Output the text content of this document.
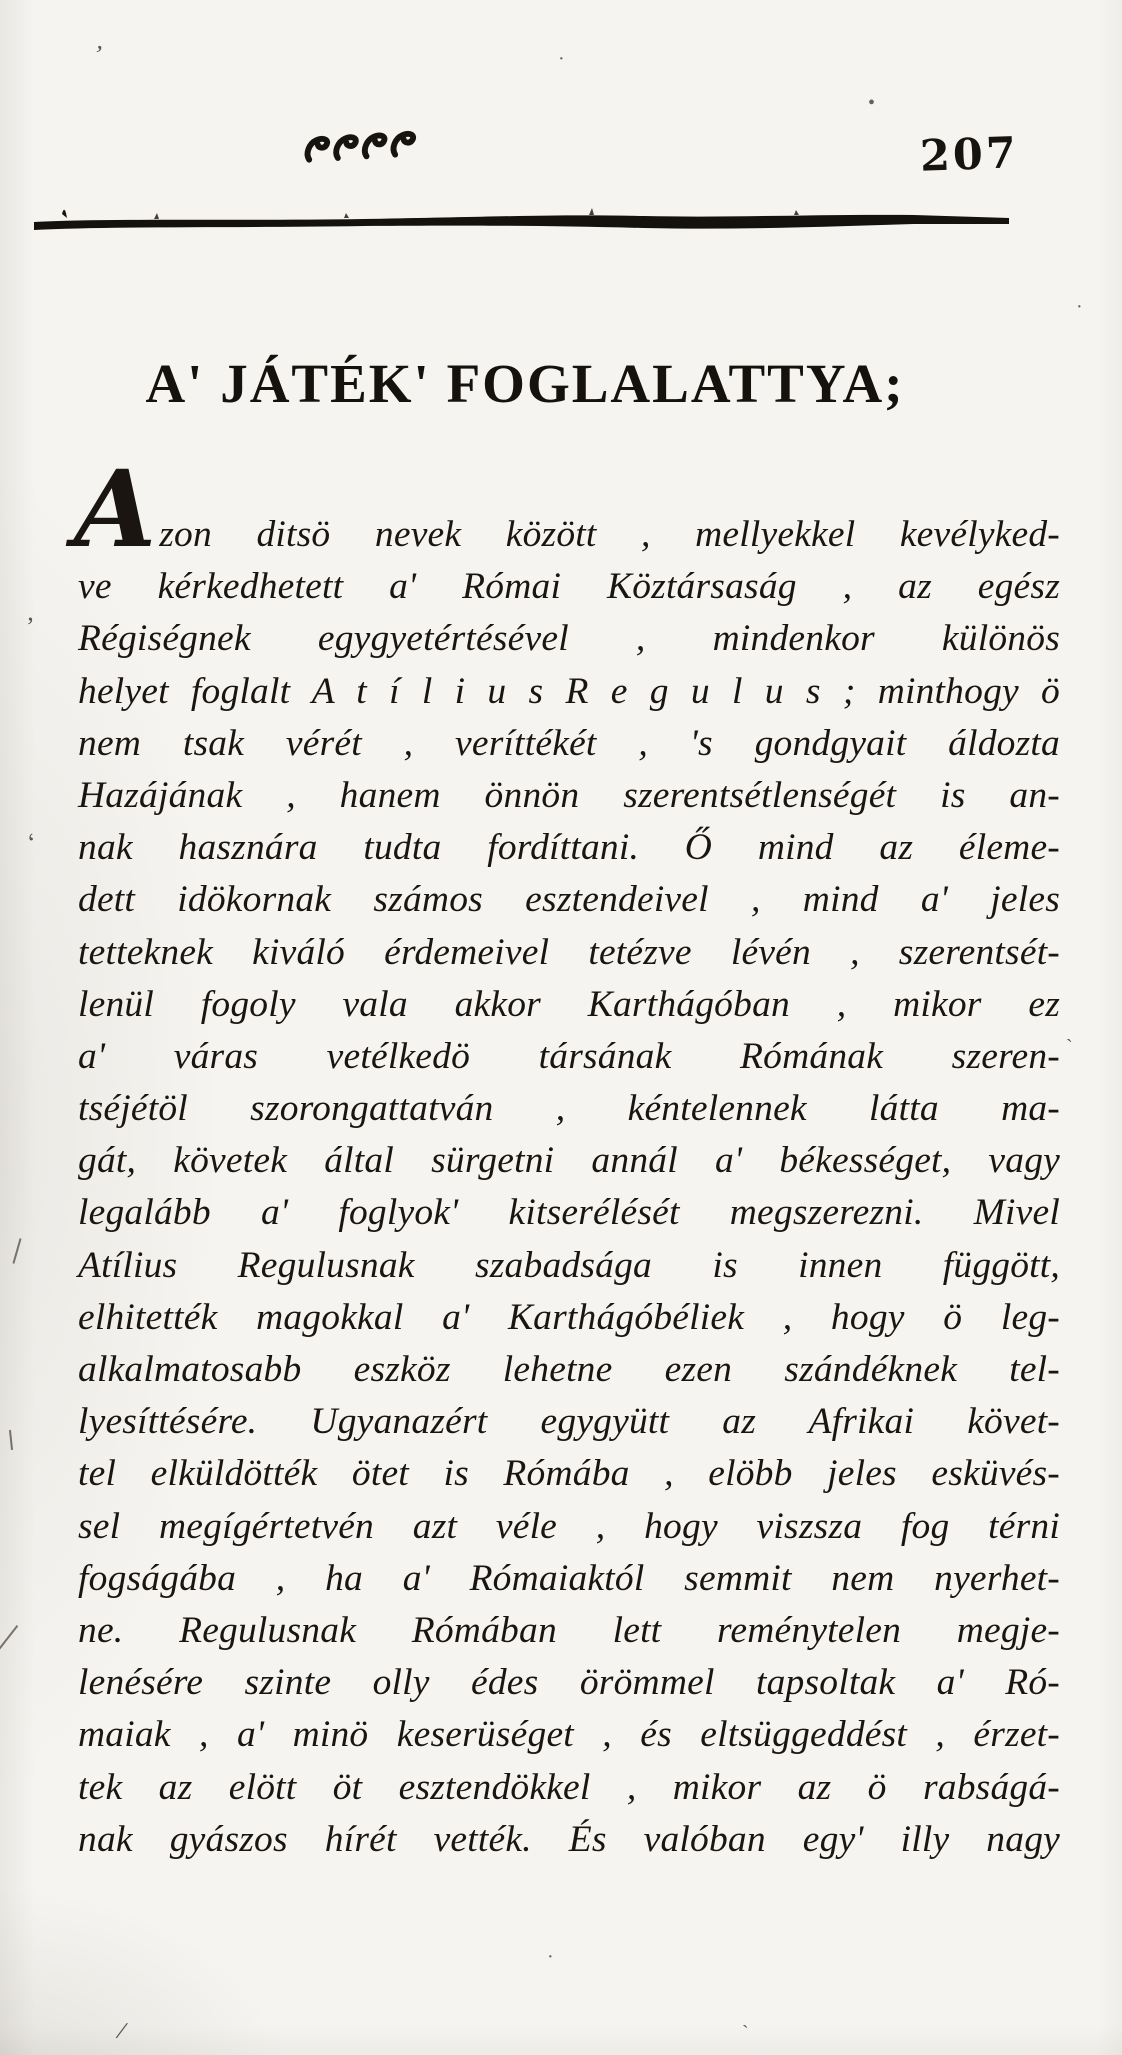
207
A' JÁTÉK' FOGLALATTYA;
Azon ditsö nevek között , mellyekkel kevélyked-
ve kérkedhetett a' Római Köztársaság , az egész
Régiségnek egygyetértésével , mindenkor különös
helyet foglalt A t í l i u s R e g u l u s ; minthogy ö
nem tsak vérét , veríttékét , 's gondgyait áldozta
Hazájának , hanem önnön szerentsétlenségét is an-
nak hasznára tudta fordíttani. Ő mind az éleme-
dett idökornak számos esztendeivel , mind a' jeles
tetteknek kiváló érdemeivel tetézve lévén , szerentsét-
lenül fogoly vala akkor Karthágóban , mikor ez
a' váras vetélkedö társának Rómának szeren-
tséjétöl szorongattatván , kéntelennek látta ma-
gát, követek által sürgetni annál a' békességet, vagy
legalább a' foglyok' kitserélését megszerezni. Mivel
Atílius Regulusnak szabadsága is innen függött,
elhitették magokkal a' Karthágóbéliek , hogy ö leg-
alkalmatosabb eszköz lehetne ezen szándéknek tel-
lyesíttésére. Ugyanazért egygyütt az Afrikai követ-
tel elküldötték ötet is Rómába , elöbb jeles esküvés-
sel megígértetvén azt véle , hogy viszsza fog térni
fogságába , ha a' Rómaiaktól semmit nem nyerhet-
ne. Regulusnak Rómában lett reménytelen megje-
lenésére szinte olly édes örömmel tapsoltak a' Ró-
maiak , a' minö keserüséget , és eltsüggeddést , érzet-
tek az elött öt esztendökkel , mikor az ö rabságá-
nak gyászos hírét vették. És valóban egy' illy nagy
’	·
•
’
‘
·
`
/	`
·
